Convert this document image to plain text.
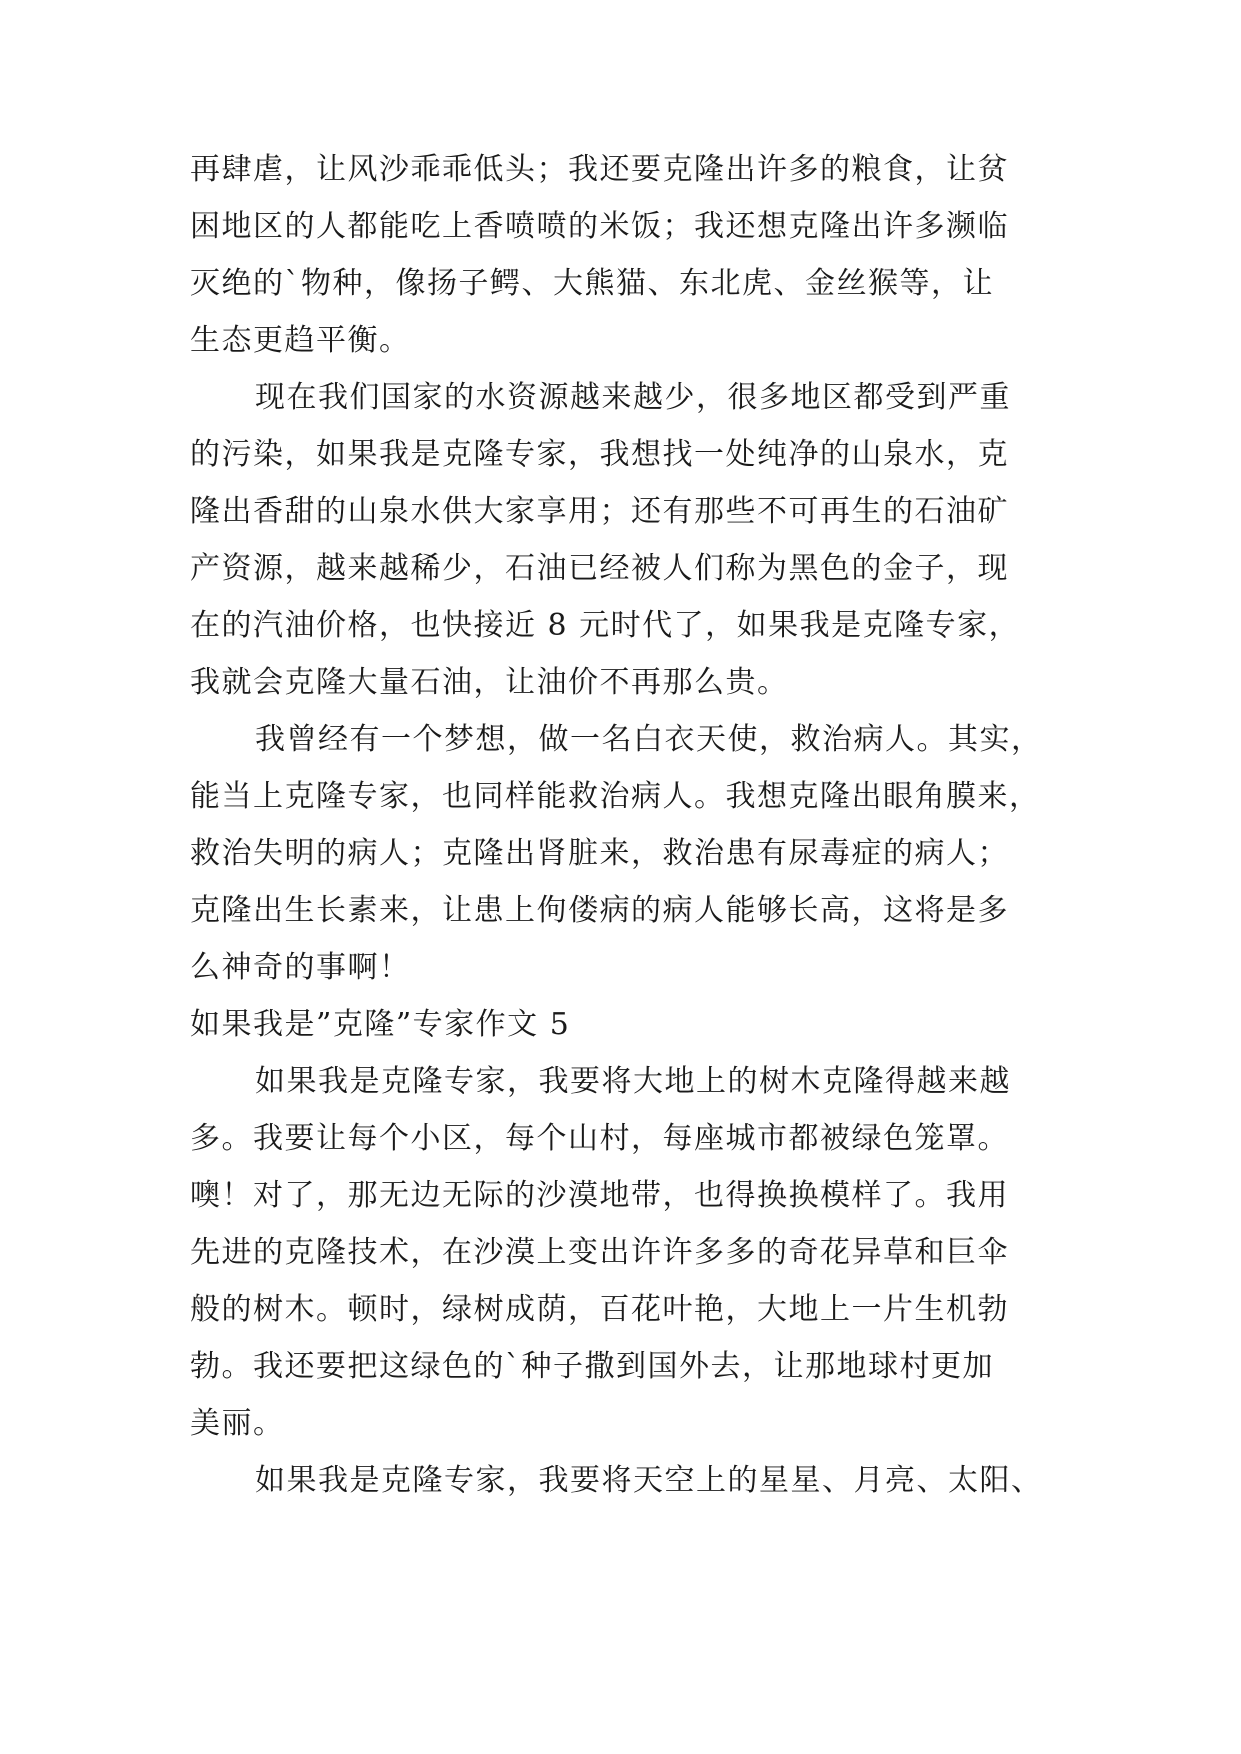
再肆虐，让风沙乖乖低头；我还要克隆出许多的粮食，让贫
困地区的人都能吃上香喷喷的米饭；我还想克隆出许多濒临
灭绝的`物种，像扬子鳄、大熊猫、东北虎、金丝猴等，让
生态更趋平衡。
现在我们国家的水资源越来越少，很多地区都受到严重
的污染，如果我是克隆专家，我想找一处纯净的山泉水，克
隆出香甜的山泉水供大家享用；还有那些不可再生的石油矿
产资源，越来越稀少，石油已经被人们称为黑色的金子，现
在的汽油价格，也快接近 8 元时代了，如果我是克隆专家，
我就会克隆大量石油，让油价不再那么贵。
我曾经有一个梦想，做一名白衣天使，救治病人。其实，
能当上克隆专家，也同样能救治病人。我想克隆出眼角膜来，
救治失明的病人；克隆出肾脏来，救治患有尿毒症的病人；
克隆出生长素来，让患上佝偻病的病人能够长高，这将是多
么神奇的事啊！
如果我是”克隆”专家作文 5
如果我是克隆专家，我要将大地上的树木克隆得越来越
多。我要让每个小区，每个山村，每座城市都被绿色笼罩。
噢！对了，那无边无际的沙漠地带，也得换换模样了。我用
先进的克隆技术，在沙漠上变出许许多多的奇花异草和巨伞
般的树木。顿时，绿树成荫，百花叶艳，大地上一片生机勃
勃。我还要把这绿色的`种子撒到国外去，让那地球村更加
美丽。
如果我是克隆专家，我要将天空上的星星、月亮、太阳、
